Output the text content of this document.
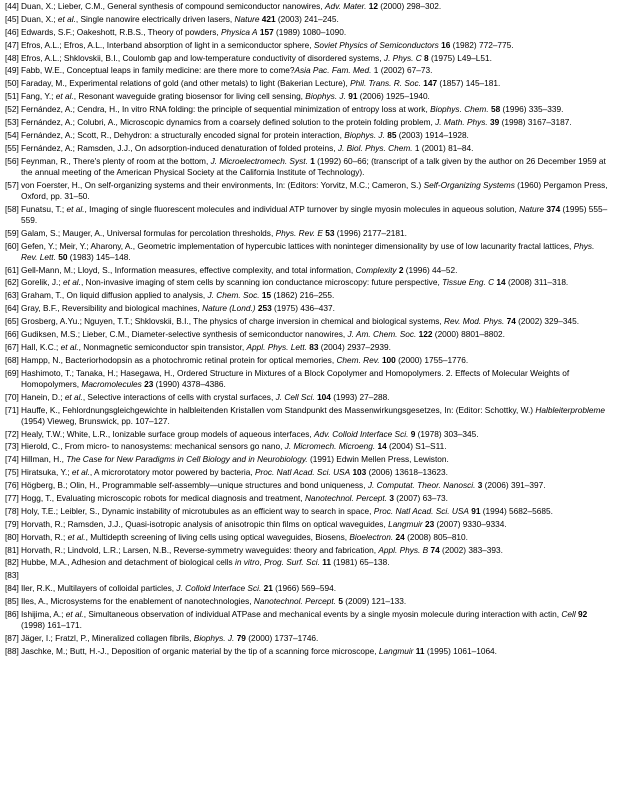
[44] Duan, X.; Lieber, C.M., General synthesis of compound semiconductor nanowires, Adv. Mater. 12 (2000) 298–302.
[45] Duan, X.; et al., Single nanowire electrically driven lasers, Nature 421 (2003) 241–245.
[46] Edwards, S.F.; Oakeshott, R.B.S., Theory of powders, Physica A 157 (1989) 1080–1090.
[47] Efros, A.L.; Efros, A.L., Interband absorption of light in a semiconductor sphere, Soviet Physics of Semiconductors 16 (1982) 772–775.
[48] Efros, A.L.; Shklovskii, B.I., Coulomb gap and low-temperature conductivity of disordered systems, J. Phys. C 8 (1975) L49–L51.
[49] Fabb, W.E., Conceptual leaps in family medicine: are there more to come?Asia Pac. Fam. Med. 1 (2002) 67–73.
[50] Faraday, M., Experimental relations of gold (and other metals) to light (Bakerian Lecture), Phil. Trans. R. Soc. 147 (1857) 145–181.
[51] Fang, Y.; et al., Resonant waveguide grating biosensor for living cell sensing, Biophys. J. 91 (2006) 1925–1940.
[52] Fernández, A.; Cendra, H., In vitro RNA folding: the principle of sequential minimization of entropy loss at work, Biophys. Chem. 58 (1996) 335–339.
[53] Fernández, A.; Colubri, A., Microscopic dynamics from a coarsely defined solution to the protein folding problem, J. Math. Phys. 39 (1998) 3167–3187.
[54] Fernández, A.; Scott, R., Dehydron: a structurally encoded signal for protein interaction, Biophys. J. 85 (2003) 1914–1928.
[55] Fernández, A.; Ramsden, J.J., On adsorption-induced denaturation of folded proteins, J. Biol. Phys. Chem. 1 (2001) 81–84.
[56] Feynman, R., There's plenty of room at the bottom, J. Microelectromech. Syst. 1 (1992) 60–66; (transcript of a talk given by the author on 26 December 1959 at the annual meeting of the American Physical Society at the California Institute of Technology).
[57] von Foerster, H., On self-organizing systems and their environments, In: (Editors: Yorvitz, M.C.; Cameron, S.) Self-Organizing Systems (1960) Pergamon Press, Oxford, pp. 31–50.
[58] Funatsu, T.; et al., Imaging of single fluorescent molecules and individual ATP turnover by single myosin molecules in aqueous solution, Nature 374 (1995) 555–559.
[59] Galam, S.; Mauger, A., Universal formulas for percolation thresholds, Phys. Rev. E 53 (1996) 2177–2181.
[60] Gefen, Y.; Meir, Y.; Aharony, A., Geometric implementation of hypercubic lattices with noninteger dimensionality by use of low lacunarity fractal lattices, Phys. Rev. Lett. 50 (1983) 145–148.
[61] Gell-Mann, M.; Lloyd, S., Information measures, effective complexity, and total information, Complexity 2 (1996) 44–52.
[62] Gorelik, J.; et al., Non-invasive imaging of stem cells by scanning ion conductance microscopy: future perspective, Tissue Eng. C 14 (2008) 311–318.
[63] Graham, T., On liquid diffusion applied to analysis, J. Chem. Soc. 15 (1862) 216–255.
[64] Gray, B.F., Reversibility and biological machines, Nature (Lond.) 253 (1975) 436–437.
[65] Grosberg, A.Yu.; Nguyen, T.T.; Shklovskii, B.I., The physics of charge inversion in chemical and biological systems, Rev. Mod. Phys. 74 (2002) 329–345.
[66] Gudiksen, M.S.; Lieber, C.M., Diameter-selective synthesis of semiconductor nanowires, J. Am. Chem. Soc. 122 (2000) 8801–8802.
[67] Hall, K.C.; et al., Nonmagnetic semiconductor spin transistor, Appl. Phys. Lett. 83 (2004) 2937–2939.
[68] Hampp, N., Bacteriorhodopsin as a photochromic retinal protein for optical memories, Chem. Rev. 100 (2000) 1755–1776.
[69] Hashimoto, T.; Tanaka, H.; Hasegawa, H., Ordered Structure in Mixtures of a Block Copolymer and Homopolymers. 2. Effects of Molecular Weights of Homopolymers, Macromolecules 23 (1990) 4378–4386.
[70] Hanein, D.; et al., Selective interactions of cells with crystal surfaces, J. Cell Sci. 104 (1993) 27–288.
[71] Hauffe, K., Fehlordnungsgleichgewichte in halbleitenden Kristallen vom Standpunkt des Massenwirkungsgesetzes, In: (Editor: Schottky, W.) Halbleiterprobleme (1954) Vieweg, Brunswick, pp. 107–127.
[72] Healy, T.W.; White, L.R., Ionizable surface group models of aqueous interfaces, Adv. Colloid Interface Sci. 9 (1978) 303–345.
[73] Hierold, C., From micro- to nanosystems: mechanical sensors go nano, J. Micromech. Microeng. 14 (2004) S1–S11.
[74] Hillman, H., The Case for New Paradigms in Cell Biology and in Neurobiology. (1991) Edwin Mellen Press, Lewiston.
[75] Hiratsuka, Y.; et al., A microrotatory motor powered by bacteria, Proc. Natl Acad. Sci. USA 103 (2006) 13618–13623.
[76] Högberg, B.; Olin, H., Programmable self-assembly—unique structures and bond uniqueness, J. Computat. Theor. Nanosci. 3 (2006) 391–397.
[77] Hogg, T., Evaluating microscopic robots for medical diagnosis and treatment, Nanotechnol. Percept. 3 (2007) 63–73.
[78] Holy, T.E.; Leibler, S., Dynamic instability of microtubules as an efficient way to search in space, Proc. Natl Acad. Sci. USA 91 (1994) 5682–5685.
[79] Horvath, R.; Ramsden, J.J., Quasi-isotropic analysis of anisotropic thin films on optical waveguides, Langmuir 23 (2007) 9330–9334.
[80] Horvath, R.; et al., Multidepth screening of living cells using optical waveguides, Biosens, Bioelectron. 24 (2008) 805–810.
[81] Horvath, R.; Lindvold, L.R.; Larsen, N.B., Reverse-symmetry waveguides: theory and fabrication, Appl. Phys. B 74 (2002) 383–393.
[82] Hubbe, M.A., Adhesion and detachment of biological cells in vitro, Prog. Surf. Sci. 11 (1981) 65–138.
[83]

[84] Iler, R.K., Multilayers of colloidal particles, J. Colloid Interface Sci. 21 (1966) 569–594.
[85] Iles, A., Microsystems for the enablement of nanotechnologies, Nanotechnol. Percept. 5 (2009) 121–133.
[86] Ishijima, A.; et al., Simultaneous observation of individual ATPase and mechanical events by a single myosin molecule during interaction with actin, Cell 92 (1998) 161–171.
[87] Jäger, I.; Fratzl, P., Mineralized collagen fibrils, Biophys. J. 79 (2000) 1737–1746.
[88] Jaschke, M.; Butt, H.-J., Deposition of organic material by the tip of a scanning force microscope, Langmuir 11 (1995) 1061–1064.
